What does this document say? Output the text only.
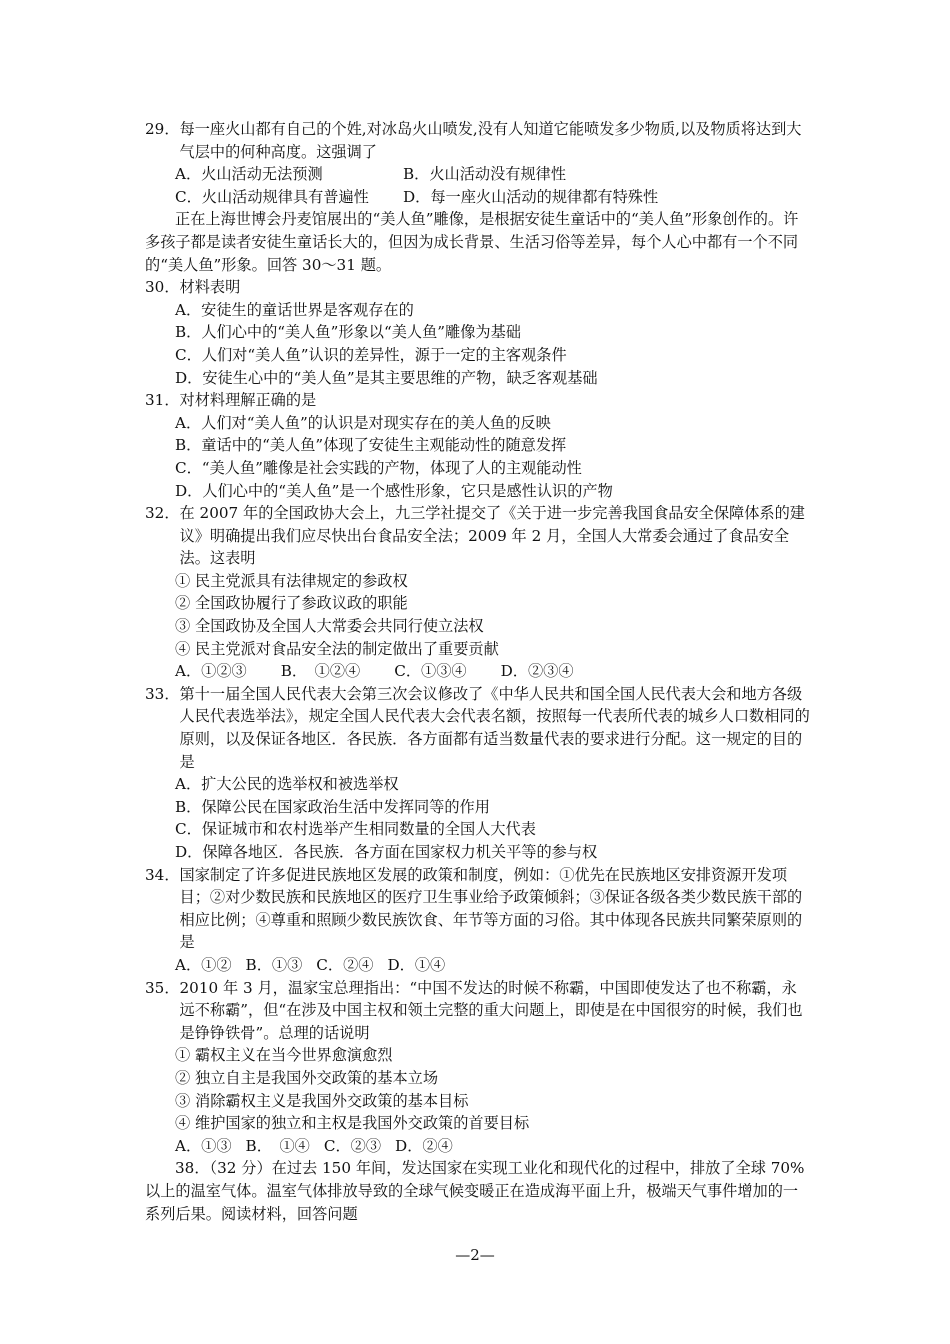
29． 每一座火山都有自己的个姓,对冰岛火山喷发,没有人知道它能喷发多少物质,以及物质将达到大气层中的何种高度。这强调了
A．火山活动无法预测	B．火山活动没有规律性
C．火山活动规律具有普遍性	D．每一座火山活动的规律都有特殊性
正在上海世博会丹麦馆展出的“美人鱼”雕像，是根据安徒生童话中的“美人鱼”形象创作的。许多孩子都是读者安徒生童话长大的，但因为成长背景、生活习俗等差异，每个人心中都有一个不同的“美人鱼”形象。回答 30～31 题。
30． 材料表明
A．安徒生的童话世界是客观存在的
B．人们心中的“美人鱼”形象以“美人鱼”雕像为基础
C．人们对“美人鱼”认识的差异性，源于一定的主客观条件
D．安徒生心中的“美人鱼”是其主要思维的产物，缺乏客观基础
31． 对材料理解正确的是
A．人们对“美人鱼”的认识是对现实存在的美人鱼的反映
B．童话中的“美人鱼”体现了安徒生主观能动性的随意发挥
C．“美人鱼”雕像是社会实践的产物，体现了人的主观能动性
D．人们心中的“美人鱼”是一个感性形象，它只是感性认识的产物
32． 在 2007 年的全国政协大会上，九三学社提交了《关于进一步完善我国食品安全保障体系的建议》明确提出我们应尽快出台食品安全法；2009 年 2 月，全国人大常委会通过了食品安全法。这表明
① 民主党派具有法律规定的参政权
② 全国政协履行了参政议政的职能
③ 全国政协及全国人大常委会共同行使立法权
④ 民主党派对食品安全法的制定做出了重要贡献
A．①②③ B．　①②④ C．①③④ D．②③④
33． 第十一届全国人民代表大会第三次会议修改了《中华人民共和国全国人民代表大会和地方各级人民代表选举法》，规定全国人民代表大会代表名额，按照每一代表所代表的城乡人口数相同的原则，以及保证各地区．各民族．各方面都有适当数量代表的要求进行分配。这一规定的目的是
A．扩大公民的选举权和被选举权
B．保障公民在国家政治生活中发挥同等的作用
C．保证城市和农村选举产生相同数量的全国人大代表
D．保障各地区．各民族．各方面在国家权力机关平等的参与权
34． 国家制定了许多促进民族地区发展的政策和制度，例如：①优先在民族地区安排资源开发项目；②对少数民族和民族地区的医疗卫生事业给予政策倾斜；③保证各级各类少数民族干部的相应比例；④尊重和照顾少数民族饮食、年节等方面的习俗。其中体现各民族共同繁荣原则的是
A．①② B．①③ C．②④ D．①④
35． 2010 年 3 月，温家宝总理指出：“中国不发达的时候不称霸，中国即使发达了也不称霸，永远不称霸”，但“在涉及中国主权和领土完整的重大问题上，即使是在中国很穷的时候，我们也是铮铮铁骨”。总理的话说明
① 霸权主义在当今世界愈演愈烈
② 独立自主是我国外交政策的基本立场
③ 消除霸权主义是我国外交政策的基本目标
④ 维护国家的独立和主权是我国外交政策的首要目标
A．①③ B．　①④ C．②③ D．②④
38．（32 分）在过去 150 年间，发达国家在实现工业化和现代化的过程中，排放了全球 70%以上的温室气体。温室气体排放导致的全球气候变暖正在造成海平面上升，极端天气事件增加的一系列后果。阅读材料，回答问题
—2—
